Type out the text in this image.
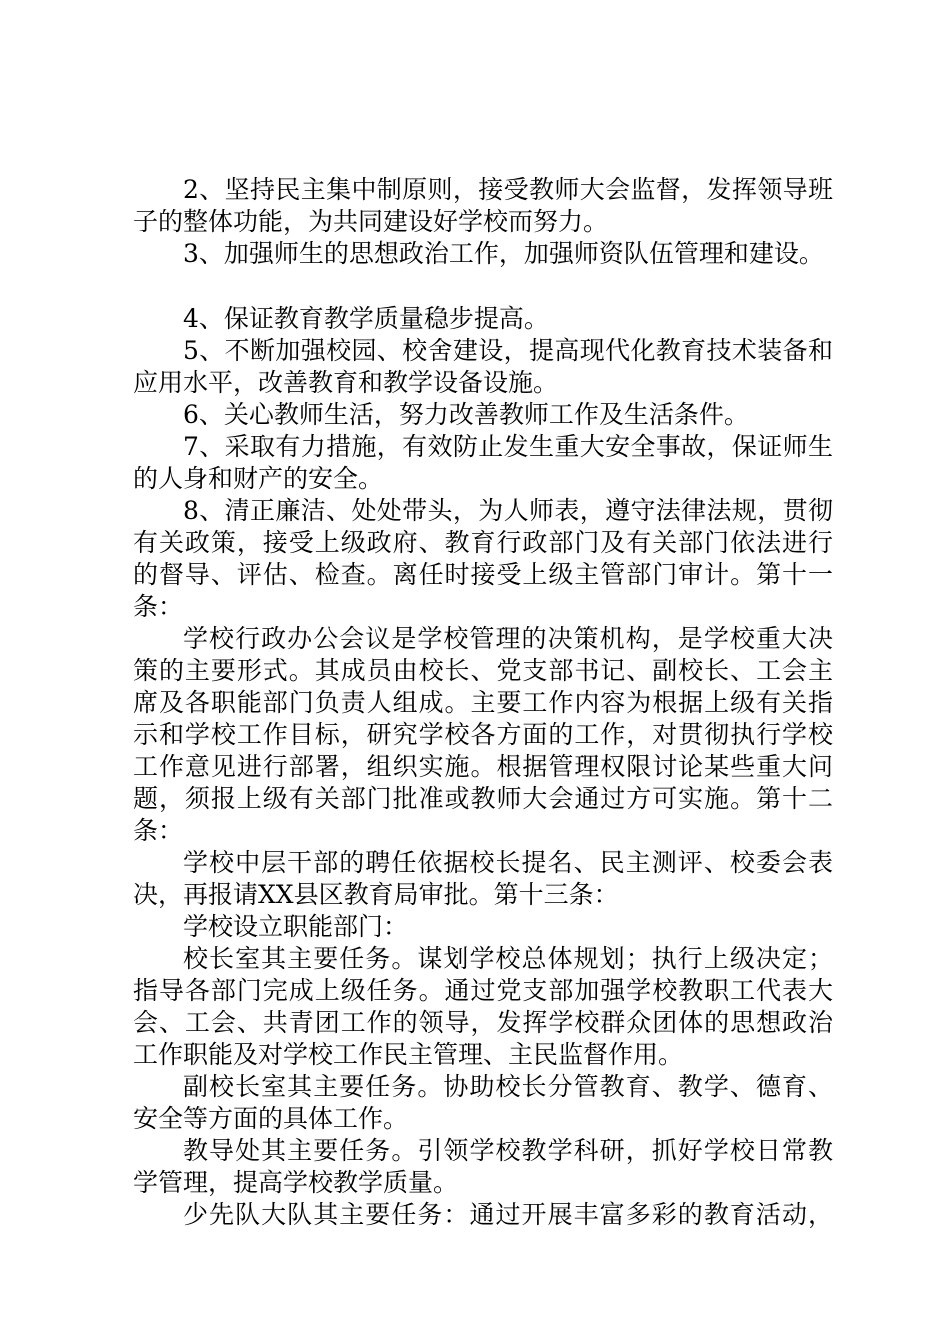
2、坚持民主集中制原则，接受教师大会监督，发挥领导班
子的整体功能，为共同建设好学校而努力。
3、加强师生的思想政治工作，加强师资队伍管理和建设。
4、保证教育教学质量稳步提高。
5、不断加强校园、校舍建设，提高现代化教育技术装备和
应用水平，改善教育和教学设备设施。
6、关心教师生活，努力改善教师工作及生活条件。
7、采取有力措施，有效防止发生重大安全事故，保证师生
的人身和财产的安全。
8、清正廉洁、处处带头，为人师表，遵守法律法规，贯彻
有关政策，接受上级政府、教育行政部门及有关部门依法进行
的督导、评估、检查。离任时接受上级主管部门审计。第十一
条：
学校行政办公会议是学校管理的决策机构，是学校重大决
策的主要形式。其成员由校长、党支部书记、副校长、工会主
席及各职能部门负责人组成。主要工作内容为根据上级有关指
示和学校工作目标，研究学校各方面的工作，对贯彻执行学校
工作意见进行部署，组织实施。根据管理权限讨论某些重大问
题，须报上级有关部门批准或教师大会通过方可实施。第十二
条：
学校中层干部的聘任依据校长提名、民主测评、校委会表
决，再报请XX县区教育局审批。第十三条：
学校设立职能部门：
校长室其主要任务。谋划学校总体规划；执行上级决定；
指导各部门完成上级任务。通过党支部加强学校教职工代表大
会、工会、共青团工作的领导，发挥学校群众团体的思想政治
工作职能及对学校工作民主管理、主民监督作用。
副校长室其主要任务。协助校长分管教育、教学、德育、
安全等方面的具体工作。
教导处其主要任务。引领学校教学科研，抓好学校日常教
学管理，提高学校教学质量。
少先队大队其主要任务：通过开展丰富多彩的教育活动，
